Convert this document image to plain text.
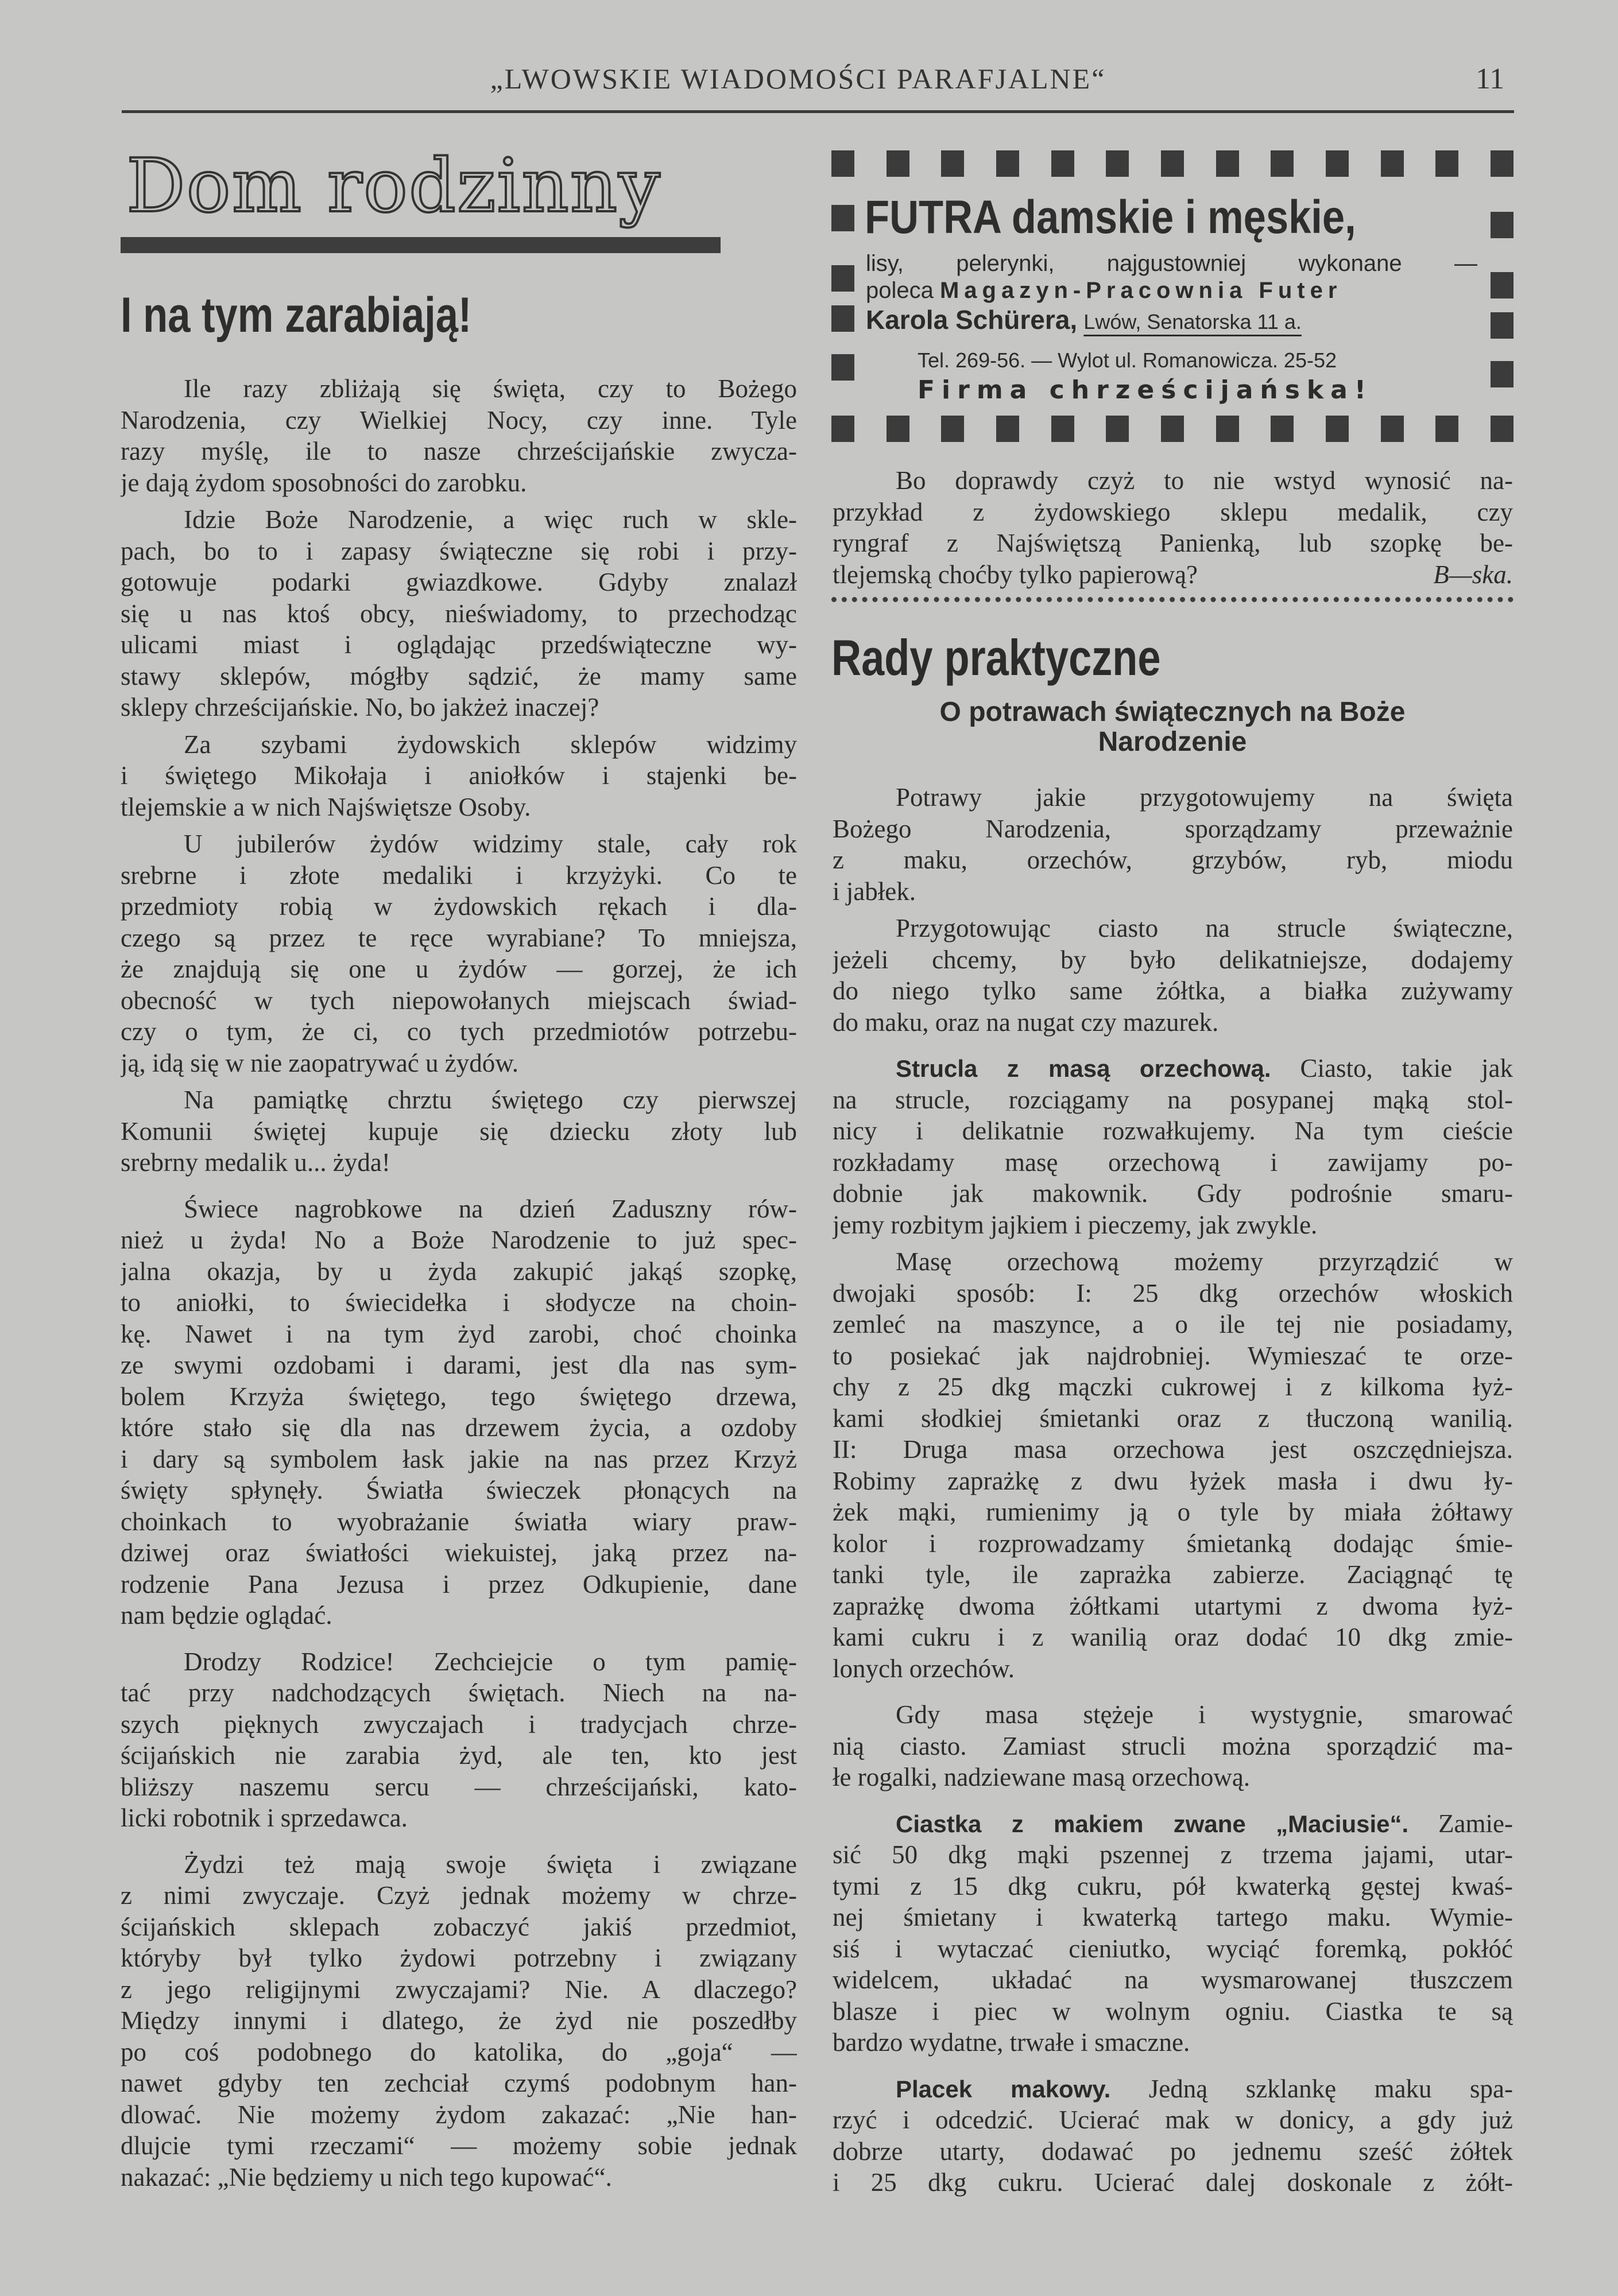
„LWOWSKIE WIADOMOŚCI PARAFJALNE“	11
Dom rodzinny
I na tym zarabiają!
Ile razy zbliżają się święta, czy to Bożego
Narodzenia, czy Wielkiej Nocy, czy inne. Tyle
razy myślę, ile to nasze chrześcijańskie zwycza-
je dają żydom sposobności do zarobku.
Idzie Boże Narodzenie, a więc ruch w skle-
pach, bo to i zapasy świąteczne się robi i przy-
gotowuje podarki gwiazdkowe. Gdyby znalazł
się u nas ktoś obcy, nieświadomy, to przechodząc
ulicami miast i oglądając przedświąteczne wy-
stawy sklepów, mógłby sądzić, że mamy same
sklepy chrześcijańskie. No, bo jakżeż inaczej?
Za szybami żydowskich sklepów widzimy
i świętego Mikołaja i aniołków i stajenki be-
tlejemskie a w nich Najświętsze Osoby.
U jubilerów żydów widzimy stale, cały rok
srebrne i złote medaliki i krzyżyki. Co te
przedmioty robią w żydowskich rękach i dla-
czego są przez te ręce wyrabiane? To mniejsza,
że znajdują się one u żydów — gorzej, że ich
obecność w tych niepowołanych miejscach świad-
czy o tym, że ci, co tych przedmiotów potrzebu-
ją, idą się w nie zaopatrywać u żydów.
Na pamiątkę chrztu świętego czy pierwszej
Komunii świętej kupuje się dziecku złoty lub
srebrny medalik u... żyda!
Świece nagrobkowe na dzień Zaduszny rów-
nież u żyda! No a Boże Narodzenie to już spec-
jalna okazja, by u żyda zakupić jakąś szopkę,
to aniołki, to świecidełka i słodycze na choin-
kę. Nawet i na tym żyd zarobi, choć choinka
ze swymi ozdobami i darami, jest dla nas sym-
bolem Krzyża świętego, tego świętego drzewa,
które stało się dla nas drzewem życia, a ozdoby
i dary są symbolem łask jakie na nas przez Krzyż
święty spłynęły. Światła świeczek płonących na
choinkach to wyobrażanie światła wiary praw-
dziwej oraz światłości wiekuistej, jaką przez na-
rodzenie Pana Jezusa i przez Odkupienie, dane
nam będzie oglądać.
Drodzy Rodzice! Zechciejcie o tym pamię-
tać przy nadchodzących świętach. Niech na na-
szych pięknych zwyczajach i tradycjach chrze-
ścijańskich nie zarabia żyd, ale ten, kto jest
bliższy naszemu sercu — chrześcijański, kato-
licki robotnik i sprzedawca.
Żydzi też mają swoje święta i związane
z nimi zwyczaje. Czyż jednak możemy w chrze-
ścijańskich sklepach zobaczyć jakiś przedmiot,
któryby był tylko żydowi potrzebny i związany
z jego religijnymi zwyczajami? Nie. A dlaczego?
Między innymi i dlatego, że żyd nie poszedłby
po coś podobnego do katolika, do „goja“ —
nawet gdyby ten zechciał czymś podobnym han-
dlować. Nie możemy żydom zakazać: „Nie han-
dlujcie tymi rzeczami“ — możemy sobie jednak
nakazać: „Nie będziemy u nich tego kupować“.
FUTRA damskie i męskie,
lisy, pelerynki, najgustowniej wykonane —
poleca Magazyn-Pracownia Futer
Karola Schürera, Lwów, Senatorska 11 a.
Tel. 269-56. — Wylot ul. Romanowicza. 25-52
Firma chrześcijańska!
Bo doprawdy czyż to nie wstyd wynosić na-
przykład z żydowskiego sklepu medalik, czy
ryngraf z Najświętszą Panienką, lub szopkę be-
tlejemską choćby tylko papierową?	B—ska.
Rady praktyczne
O potrawach świątecznych na Boże
Narodzenie
Potrawy jakie przygotowujemy na święta
Bożego Narodzenia, sporządzamy przeważnie
z maku, orzechów, grzybów, ryb, miodu
i jabłek.
Przygotowując ciasto na strucle świąteczne,
jeżeli chcemy, by było delikatniejsze, dodajemy
do niego tylko same żółtka, a białka zużywamy
do maku, oraz na nugat czy mazurek.
Strucla z masą orzechową. Ciasto, takie jak
na strucle, rozciągamy na posypanej mąką stol-
nicy i delikatnie rozwałkujemy. Na tym cieście
rozkładamy masę orzechową i zawijamy po-
dobnie jak makownik. Gdy podrośnie smaru-
jemy rozbitym jajkiem i pieczemy, jak zwykle.
Masę orzechową możemy przyrządzić w
dwojaki sposób: I: 25 dkg orzechów włoskich
zemleć na maszynce, a o ile tej nie posiadamy,
to posiekać jak najdrobniej. Wymieszać te orze-
chy z 25 dkg mączki cukrowej i z kilkoma łyż-
kami słodkiej śmietanki oraz z tłuczoną wanilią.
II: Druga masa orzechowa jest oszczędniejsza.
Robimy zaprażkę z dwu łyżek masła i dwu ły-
żek mąki, rumienimy ją o tyle by miała żółtawy
kolor i rozprowadzamy śmietanką dodając śmie-
tanki tyle, ile zaprażka zabierze. Zaciągnąć tę
zaprażkę dwoma żółtkami utartymi z dwoma łyż-
kami cukru i z wanilią oraz dodać 10 dkg zmie-
lonych orzechów.
Gdy masa stężeje i wystygnie, smarować
nią ciasto. Zamiast strucli można sporządzić ma-
łe rogalki, nadziewane masą orzechową.
Ciastka z makiem zwane „Maciusie“. Zamie-
sić 50 dkg mąki pszennej z trzema jajami, utar-
tymi z 15 dkg cukru, pół kwaterką gęstej kwaś-
nej śmietany i kwaterką tartego maku. Wymie-
siś i wytaczać cieniutko, wyciąć foremką, pokłóć
widelcem, układać na wysmarowanej tłuszczem
blasze i piec w wolnym ogniu. Ciastka te są
bardzo wydatne, trwałe i smaczne.
Placek makowy. Jedną szklankę maku spa-
rzyć i odcedzić. Ucierać mak w donicy, a gdy już
dobrze utarty, dodawać po jednemu sześć żółtek
i 25 dkg cukru. Ucierać dalej doskonale z żółt-
